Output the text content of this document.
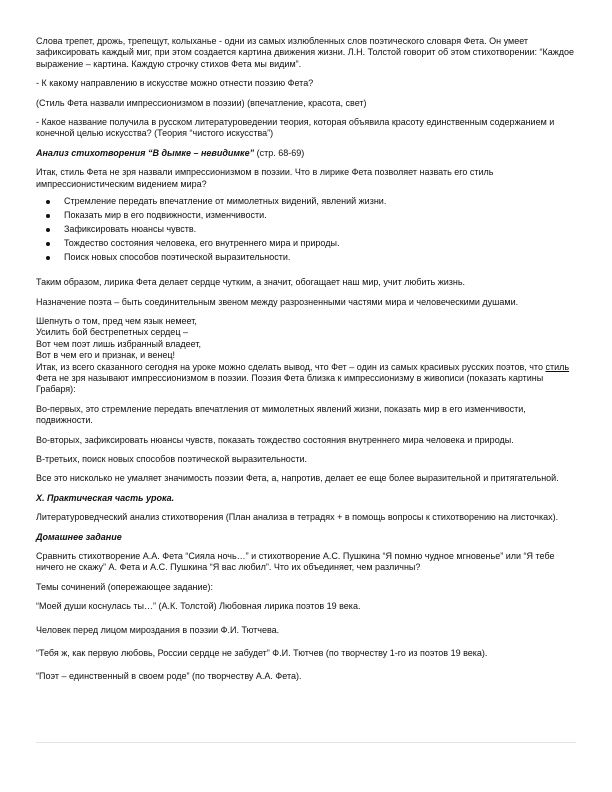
Слова трепет, дрожь, трепещут, колыханье - одни из самых излюбленных слов поэтического словаря Фета. Он умеет зафиксировать каждый миг, при этом создается картина движения жизни. Л.Н. Толстой говорит об этом стихотворении: “Каждое выражение – картина. Каждую строчку стихов Фета мы видим”.

- К какому направлению в искусстве можно отнести поэзию Фета?

(Стиль Фета назвали импрессионизмом в поэзии) (впечатление, красота, свет)

- Какое название получила в русском литературоведении теория, которая объявила красоту единственным содержанием и конечной целью искусства? (Теория “чистого искусства”)

Анализ стихотворения “В дымке – невидимке” (стр. 68-69)

Итак, стиль Фета не зря назвали импрессионизмом в поэзии. Что в лирике Фета позволяет назвать его стиль импрессионистическим видением мира?

Стремление передать впечатление от мимолетных видений, явлений жизни.
Показать мир в его подвижности, изменчивости.
Зафиксировать нюансы чувств.
Тождество состояния человека, его внутреннего мира и природы.
Поиск новых способов поэтической выразительности.

Таким образом, лирика Фета делает сердце чутким, а значит, обогащает наш мир, учит любить жизнь.

Назначение поэта – быть соединительным звеном между разрозненными частями мира и человеческими душами.

Шепнуть о том, пред чем язык немеет,
Усилить бой бестрепетных сердец –
Вот чем поэт лишь избранный владеет,
Вот в чем его и признак, и венец!

Итак, из всего сказанного сегодня на уроке можно сделать вывод, что Фет – один из самых красивых русских поэтов, что стиль Фета не зря называют импрессионизмом в поэзии. Поэзия Фета близка к импрессионизму в живописи (показать картины Грабаря):

Во-первых, это стремление передать впечатления от мимолетных явлений жизни, показать мир в его изменчивости, подвижности.

Во-вторых, зафиксировать нюансы чувств, показать тождество состояния внутреннего мира человека и природы.

В-третьих, поиск новых способов поэтической выразительности.

Все это нисколько не умаляет значимость поэзии Фета, а, напротив, делает ее еще более выразительной и притягательной.

X. Практическая часть урока.

Литературоведческий анализ стихотворения (План анализа в тетрадях + в помощь вопросы к стихотворению на листочках).

Домашнее задание

Сравнить стихотворение А.А. Фета “Сияла ночь…” и стихотворение А.С. Пушкина “Я помню чудное мгновенье” или “Я тебе ничего не скажу” А. Фета и А.С. Пушкина “Я вас любил”. Что их объединяет, чем различны?

Темы сочинений (опережающее задание):

“Моей души коснулась ты…” (А.К. Толстой) Любовная лирика поэтов 19 века.

Человек перед лицом мироздания в поэзии Ф.И. Тютчева.

“Тебя ж, как первую любовь, России сердце не забудет” Ф.И. Тютчев (по творчеству 1-го из поэтов 19 века).

“Поэт – единственный в своем роде” (по творчеству А.А. Фета).
